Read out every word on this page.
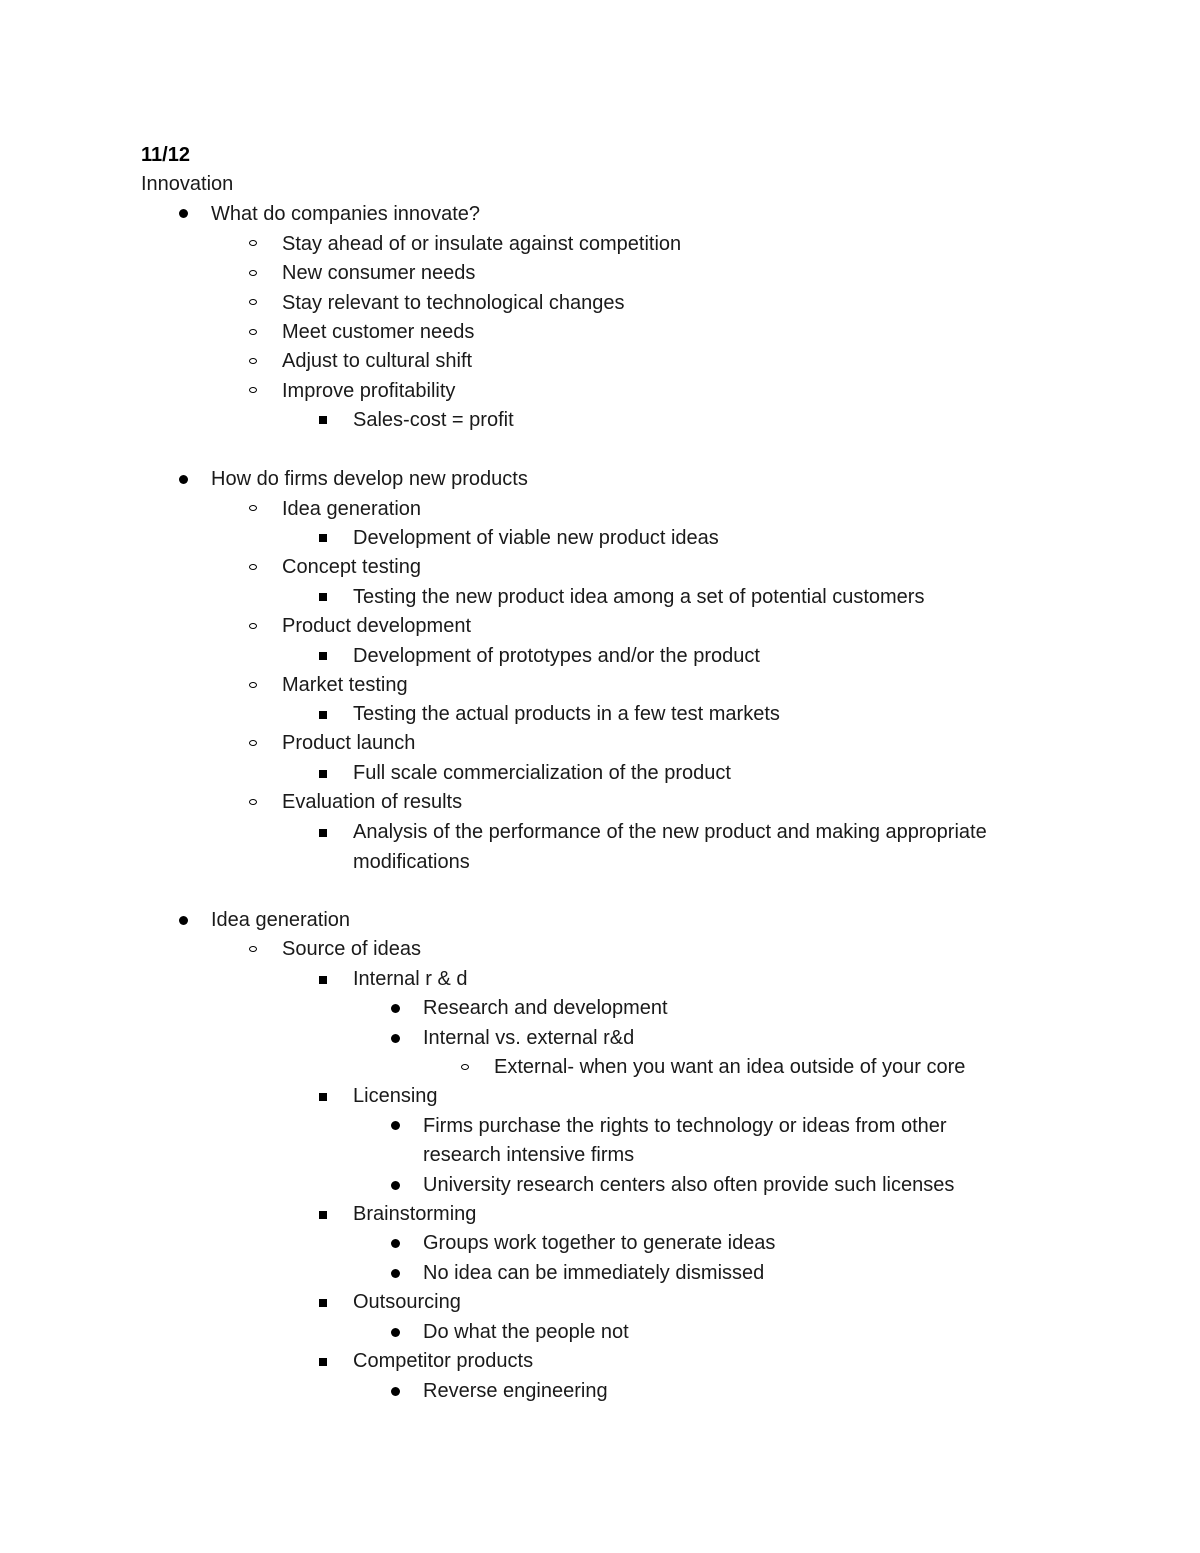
11/12
Innovation
What do companies innovate?
Stay ahead of or insulate against competition
New consumer needs
Stay relevant to technological changes
Meet customer needs
Adjust to cultural shift
Improve profitability
Sales-cost = profit
How do firms develop new products
Idea generation
Development of viable new product ideas
Concept testing
Testing the new product idea among a set of potential customers
Product development
Development of prototypes and/or the product
Market testing
Testing the actual products in a few test markets
Product launch
Full scale commercialization of the product
Evaluation of results
Analysis of the performance of the new product and making appropriate
modifications
Idea generation
Source of ideas
Internal r & d
Research and development
Internal vs. external r&d
External- when you want an idea outside of your core
Licensing
Firms purchase the rights to technology or ideas from other
research intensive firms
University research centers also often provide such licenses
Brainstorming
Groups work together to generate ideas
No idea can be immediately dismissed
Outsourcing
Do what the people not
Competitor products
Reverse engineering
